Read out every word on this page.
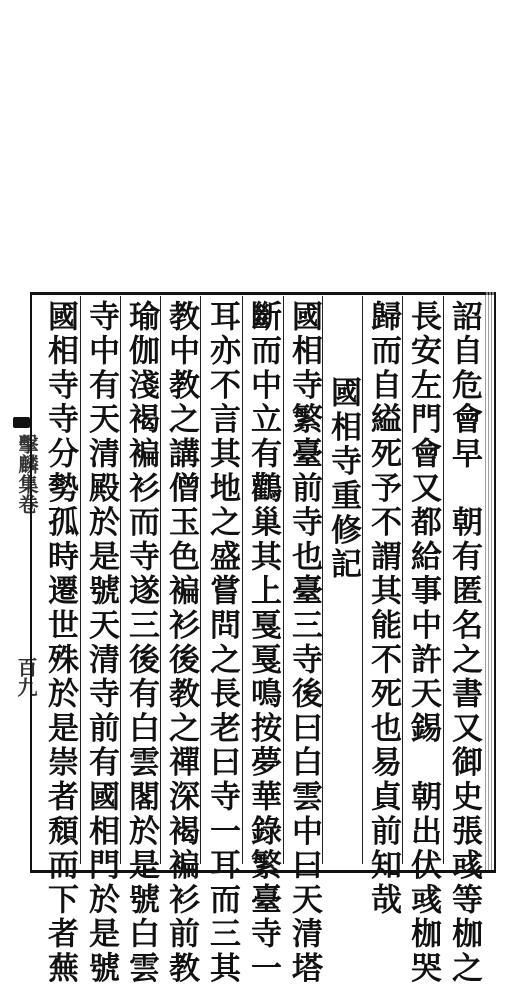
擊麟集卷
百九	詔自危會早　朝有匿名之書又御史張彧等枷之
長安左門會又都給事中許天錫　朝出伏彧枷哭
歸而自縊死予不謂其能不死也易貞前知哉
　國相寺重修記
國相寺繁臺前寺也臺三寺後曰白雲中曰天清塔
斷而中立有鸛巢其上戛戛鳴按夢華錄繁臺寺一
耳亦不言其地之盛嘗問之長老曰寺一耳而三其
教中教之講僧玉色褊衫後教之禪深褐褊衫前教
瑜伽淺褐褊衫而寺遂三後有白雲閣於是號白雲
寺中有天清殿於是號天清寺前有國相門於是號
國相寺寺分勢孤時遷世殊於是崇者頹而下者蕪
